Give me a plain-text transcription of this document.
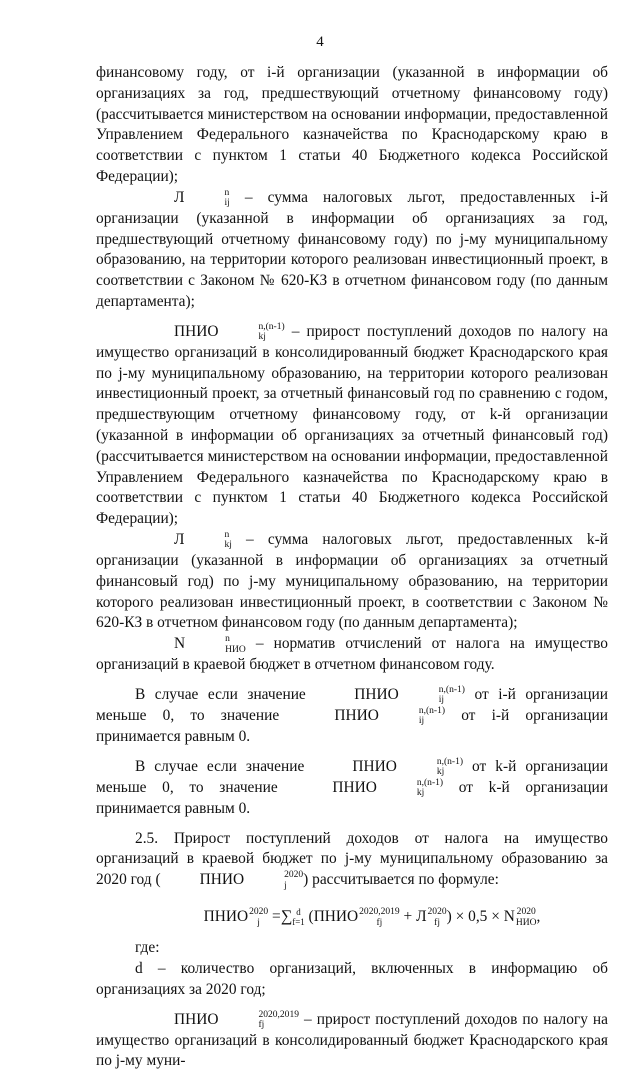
4

финансовому году, от i-й организации (указанной в информации об организациях за год, предшествующий отчетному финансовому году) (рассчитывается министерством на основании информации, предоставленной Управлением Федерального казначейства по Краснодарскому краю в соответствии с пунктом 1 статьи 40 Бюджетного кодекса Российской Федерации);

Л	n
ij – сумма налоговых льгот, предоставленных i-й организации (указанной в информации об организациях за год, предшествующий отчетному финансовому году) по j-му муниципальному образованию, на территории которого реализован инвестиционный проект, в соответствии с Законом № 620-КЗ в отчетном финансовом году (по данным департамента);

ПНИО	n,(n-1)
kj	– прирост поступлений доходов по налогу на имущество организаций в консолидированный бюджет Краснодарского края по j-му муниципальному образованию, на территории которого реализован инвестиционный проект, за отчетный финансовый год по сравнению с годом, предшествующим отчетному финансовому году, от k-й организации (указанной в информации об организациях за отчетный финансовый год) (рассчитывается министерством на основании информации, предоставленной Управлением Федерального казначейства по Краснодарскому краю в соответствии с пунктом 1 статьи 40 Бюджетного кодекса Российской Федерации);

Л	n
kj – сумма налоговых льгот, предоставленных k-й организации (указанной в информации об организациях за отчетный финансовый год) по j-му муниципальному образованию, на территории которого реализован инвестиционный проект, в соответствии с Законом № 620-КЗ в отчетном финансовом году (по данным департамента);

N	n
НИО – норматив отчислений от налога на имущество организаций в краевой бюджет в отчетном финансовом году.

В случае если значение	ПНИО	n,(n-1)
ij	от i-й организации меньше 0, то значение	ПНИО	n,(n-1)
ij	от i-й организации принимается равным 0.

В случае если значение	ПНИО	n,(n-1)
kj	от k-й организации меньше 0, то значение	ПНИО	n,(n-1)
kj	от k-й организации принимается равным 0.

2.5. Прирост поступлений доходов от налога на имущество организаций в краевой бюджет по j-му муниципальному образованию за 2020 год (	ПНИО	2020
j	) рассчитывается по формуле:

ПНИО 2020
j =∑ d
f=1 (ПНИО 2020,2019
fj	+ Л 2020
fj ) × 0,5 × N 2020
НИО ,

где:

d – количество организаций, включенных в информацию об организациях за 2020 год;

ПНИО	2020,2019
fj	– прирост поступлений доходов по налогу на имущество организаций в консолидированный бюджет Краснодарского края по j-му муни-
